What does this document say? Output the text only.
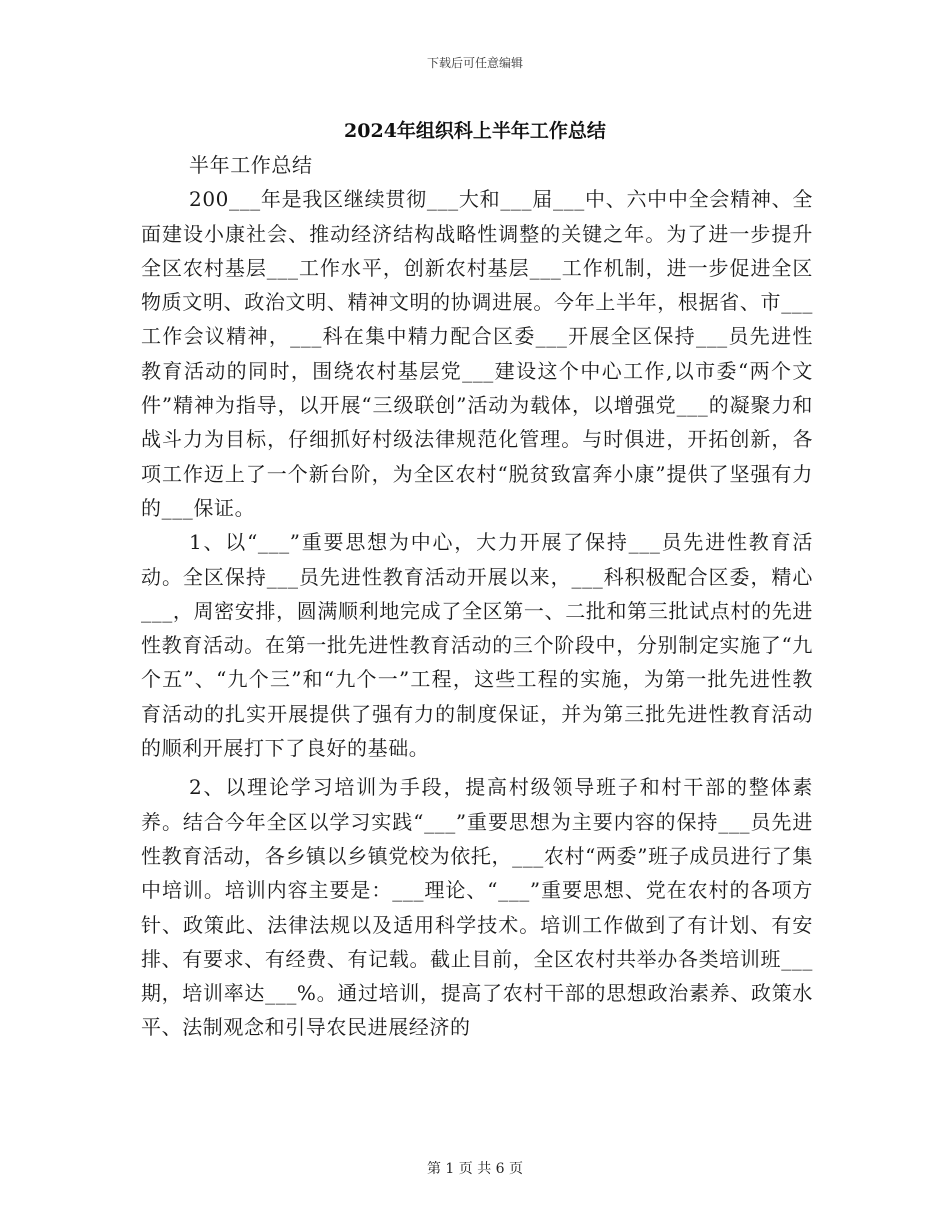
下载后可任意编辑
2024年组织科上半年工作总结

半年工作总结

200___年是我区继续贯彻___大和___届___中、六中中全会精神、全面建设小康社会、推动经济结构战略性调整的关键之年。为了进一步提升全区农村基层___工作水平，创新农村基层___工作机制，进一步促进全区物质文明、政治文明、精神文明的协调进展。今年上半年，根据省、市___工作会议精神，___科在集中精力配合区委___开展全区保持___员先进性教育活动的同时，围绕农村基层党___建设这个中心工作,以市委“两个文件”精神为指导，以开展“三级联创”活动为载体，以增强党___的凝聚力和战斗力为目标，仔细抓好村级法律规范化管理。与时俱进，开拓创新，各项工作迈上了一个新台阶，为全区农村“脱贫致富奔小康”提供了坚强有力的___保证。

1、以“___”重要思想为中心，大力开展了保持___员先进性教育活动。全区保持___员先进性教育活动开展以来，___科积极配合区委，精心___，周密安排，圆满顺利地完成了全区第一、二批和第三批试点村的先进性教育活动。在第一批先进性教育活动的三个阶段中，分别制定实施了“九个五”、“九个三”和“九个一”工程，这些工程的实施，为第一批先进性教育活动的扎实开展提供了强有力的制度保证，并为第三批先进性教育活动的顺利开展打下了良好的基础。

2、以理论学习培训为手段，提高村级领导班子和村干部的整体素养。结合今年全区以学习实践“___”重要思想为主要内容的保持___员先进性教育活动，各乡镇以乡镇党校为依托，___农村“两委”班子成员进行了集中培训。培训内容主要是：___理论、“___”重要思想、党在农村的各项方针、政策此、法律法规以及适用科学技术。培训工作做到了有计划、有安排、有要求、有经费、有记载。截止目前，全区农村共举办各类培训班___期，培训率达___%。通过培训，提高了农村干部的思想政治素养、政策水平、法制观念和引导农民进展经济的

第 1 页 共 6 页
